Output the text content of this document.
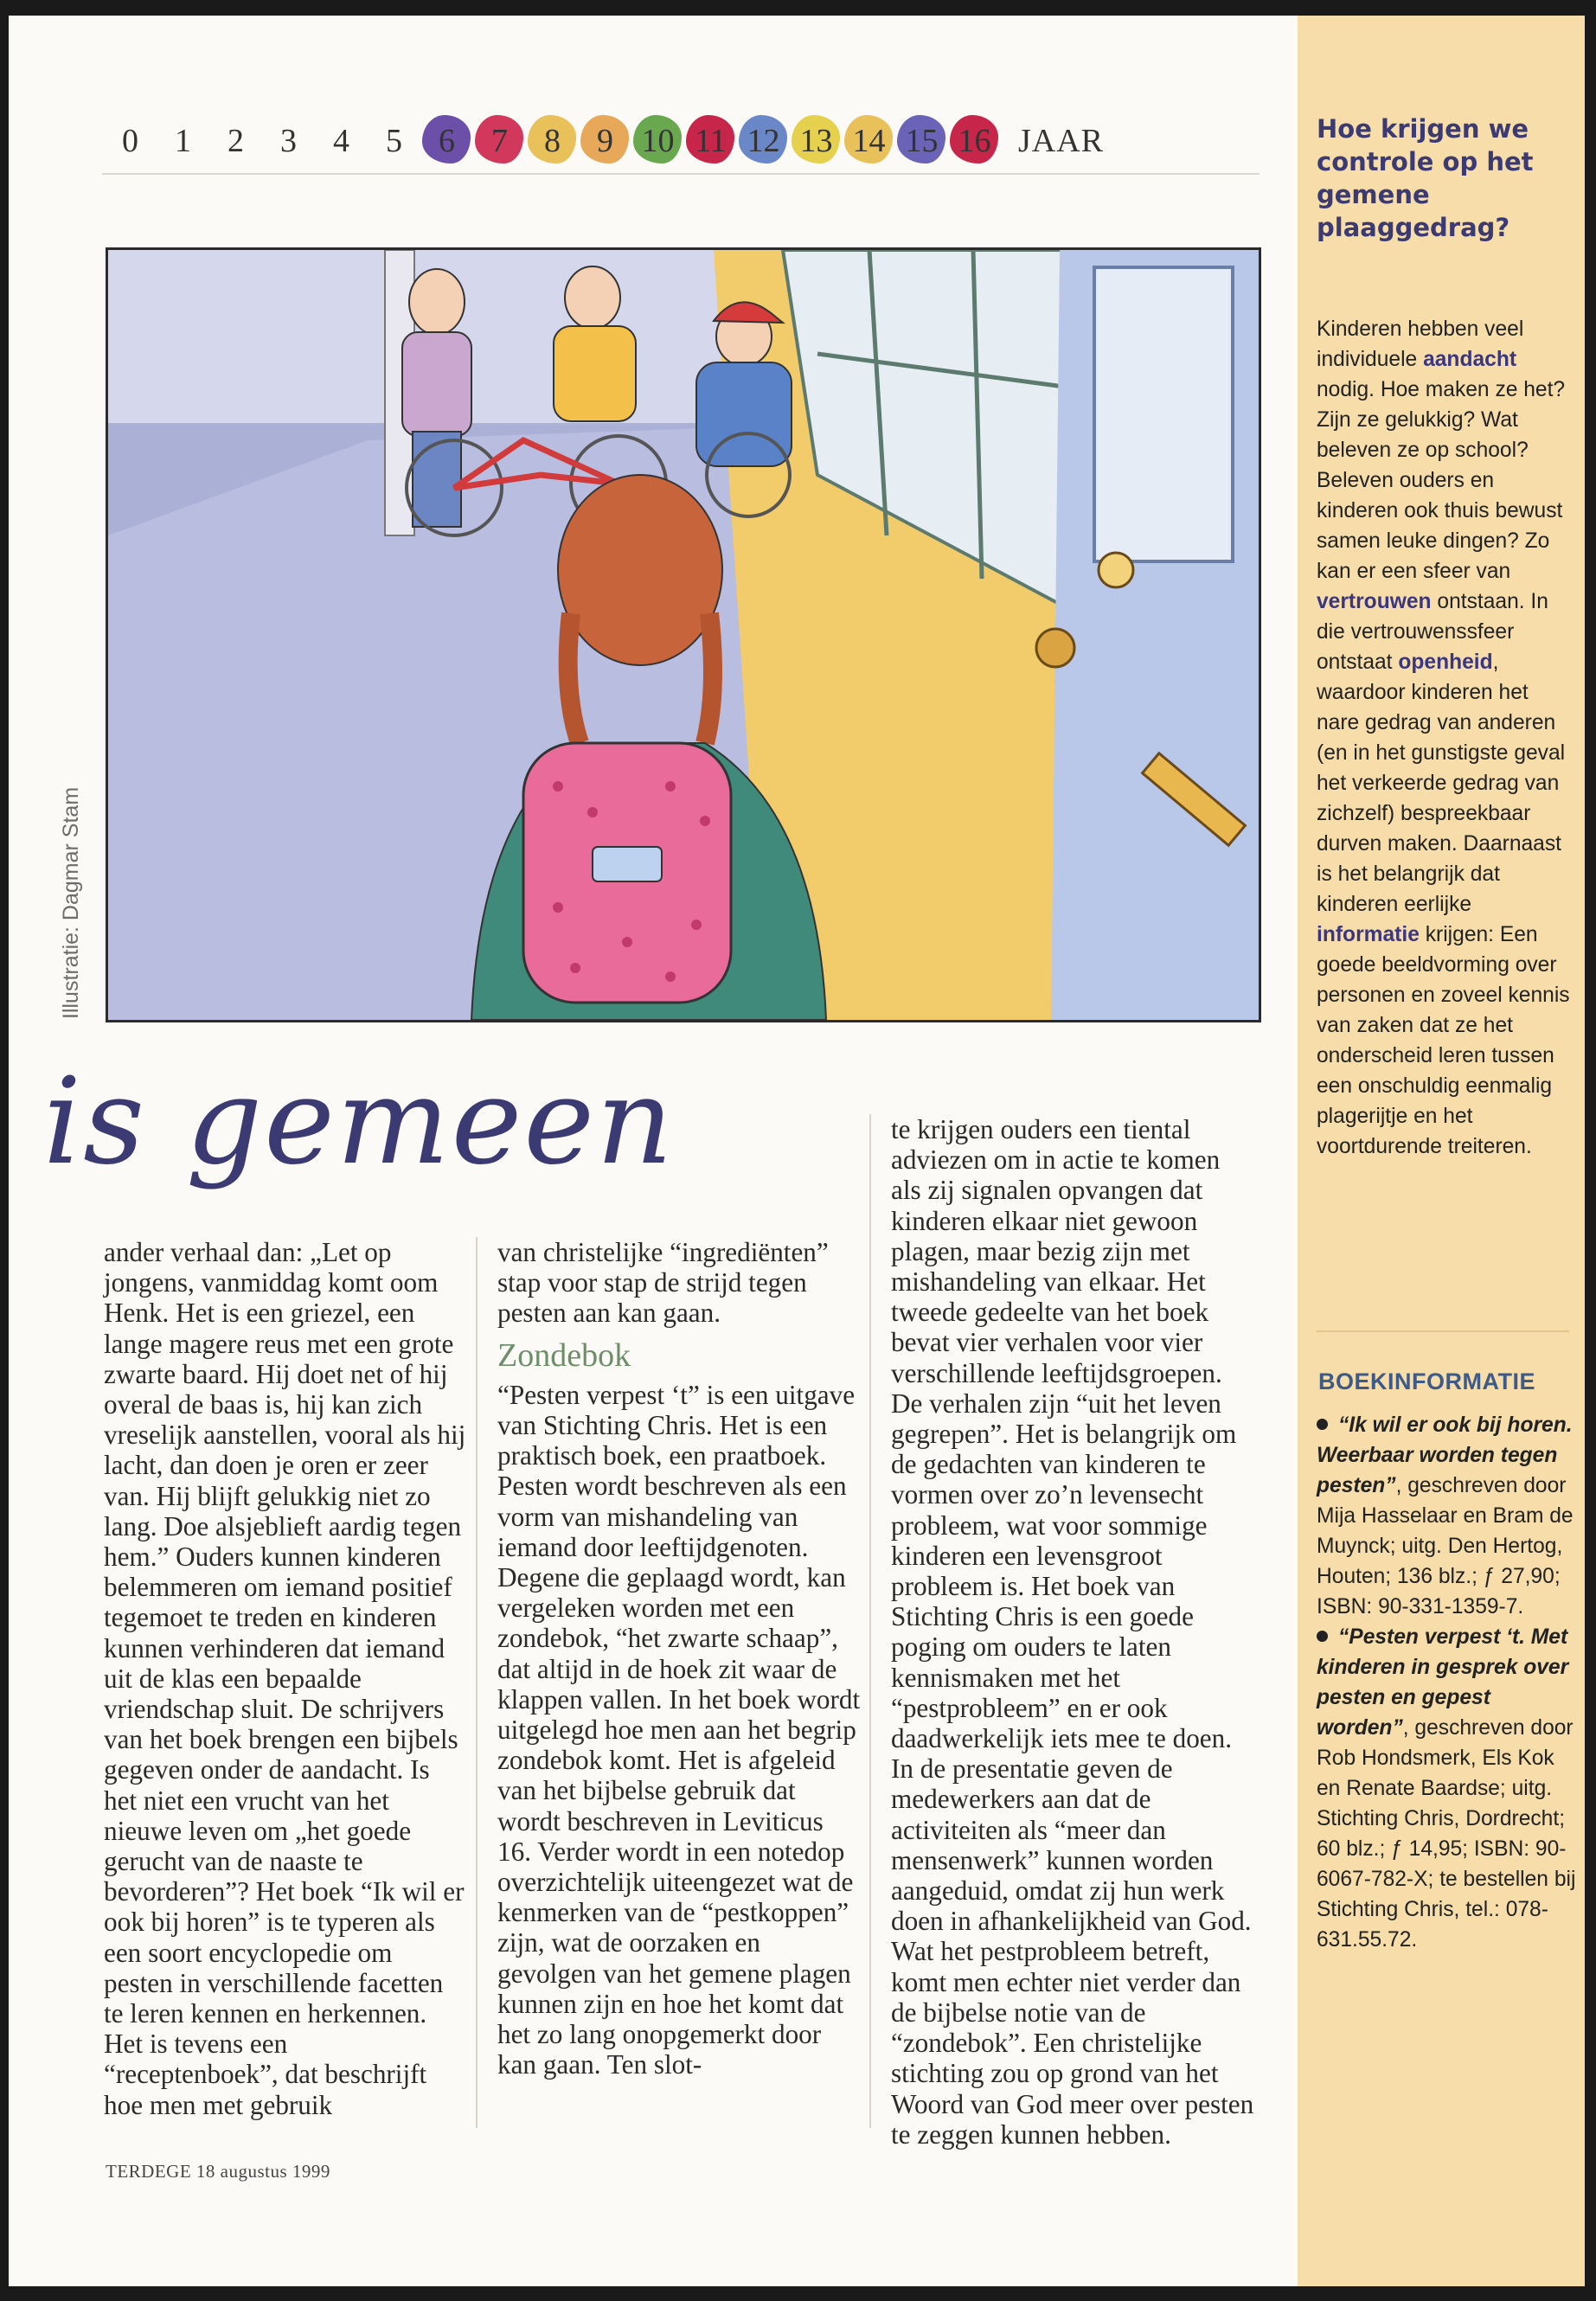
0	1	2	3	4	5	6	7	8	9 10 11 12 13 14 15 16 JAAR
Illustratie: Dagmar Stam
is gemeen

ander verhaal dan: „Let op jongens, vanmiddag komt oom Henk. Het is een griezel, een lange magere reus met een grote zwarte baard. Hij doet net of hij overal de baas is, hij kan zich vreselijk aanstellen, vooral als hij lacht, dan doen je oren er zeer van. Hij blijft gelukkig niet zo lang. Doe alsjeblieft aardig tegen hem.” Ouders kunnen kinderen belemmeren om iemand positief tegemoet te treden en kinderen kunnen verhinderen dat iemand uit de klas een bepaalde vriendschap sluit. De schrijvers van het boek brengen een bijbels gegeven onder de aandacht. Is het niet een vrucht van het nieuwe leven om „het goede gerucht van de naaste te bevorderen”? Het boek “Ik wil er ook bij horen” is te typeren als een soort encyclopedie om pesten in verschillende facetten te leren kennen en herkennen. Het is tevens een “receptenboek”, dat beschrijft hoe men met gebruik

van christelijke “ingrediënten” stap voor stap de strijd tegen pesten aan kan gaan.

Zondebok

“Pesten verpest ‘t” is een uitgave van Stichting Chris. Het is een praktisch boek, een praatboek. Pesten wordt beschreven als een vorm van mishandeling van iemand door leeftijdgenoten. Degene die geplaagd wordt, kan vergeleken worden met een zondebok, “het zwarte schaap”, dat altijd in de hoek zit waar de klappen vallen. In het boek wordt uitgelegd hoe men aan het begrip zondebok komt. Het is afgeleid van het bijbelse gebruik dat wordt beschreven in Leviticus 16. Verder wordt in een notedop overzichtelijk uiteengezet wat de kenmerken van de “pestkoppen” zijn, wat de oorzaken en gevolgen van het gemene plagen kunnen zijn en hoe het komt dat het zo lang onopgemerkt door kan gaan. Ten slot-

te krijgen ouders een tiental adviezen om in actie te komen als zij signalen opvangen dat kinderen elkaar niet gewoon plagen, maar bezig zijn met mishandeling van elkaar. Het tweede gedeelte van het boek bevat vier verhalen voor vier verschillende leeftijdsgroepen. De verhalen zijn “uit het leven gegrepen”. Het is belangrijk om de gedachten van kinderen te vormen over zo’n levensecht probleem, wat voor sommige kinderen een levensgroot probleem is. Het boek van Stichting Chris is een goede poging om ouders te laten kennismaken met het “pestprobleem” en er ook daadwerkelijk iets mee te doen. In de presentatie geven de medewerkers aan dat de activiteiten als “meer dan mensenwerk” kunnen worden aangeduid, omdat zij hun werk doen in afhankelijkheid van God. Wat het pestprobleem betreft, komt men echter niet verder dan de bijbelse notie van de “zondebok”. Een christelijke stichting zou op grond van het Woord van God meer over pesten te zeggen kunnen hebben.

TERDEGE 18 augustus 1999
Hoe krijgen we controle op het gemene plaaggedrag?
Kinderen hebben veel individuele aandacht nodig. Hoe maken ze het? Zijn ze gelukkig? Wat beleven ze op school? Beleven ouders en kinderen ook thuis bewust samen leuke dingen? Zo kan er een sfeer van vertrouwen ontstaan. In die vertrouwenssfeer ontstaat openheid, waardoor kinderen het nare gedrag van anderen (en in het gunstigste geval het verkeerde gedrag van zichzelf) bespreekbaar durven maken. Daarnaast is het belangrijk dat kinderen eerlijke informatie krijgen: Een goede beeldvorming over personen en zoveel kennis van zaken dat ze het onderscheid leren tussen een onschuldig eenmalig plagerijtje en het voortdurende treiteren.
BOEKINFORMATIE
“Ik wil er ook bij horen. Weerbaar worden tegen pesten”, geschreven door Mija Hasselaar en Bram de Muynck; uitg. Den Hertog, Houten; 136 blz.; ƒ 27,90; ISBN: 90-331-1359-7.
“Pesten verpest ‘t. Met kinderen in gesprek over pesten en gepest worden”, geschreven door Rob Hondsmerk, Els Kok en Renate Baardse; uitg. Stichting Chris, Dordrecht; 60 blz.; ƒ 14,95; ISBN: 90-6067-782-X; te bestellen bij Stichting Chris, tel.: 078-631.55.72.
